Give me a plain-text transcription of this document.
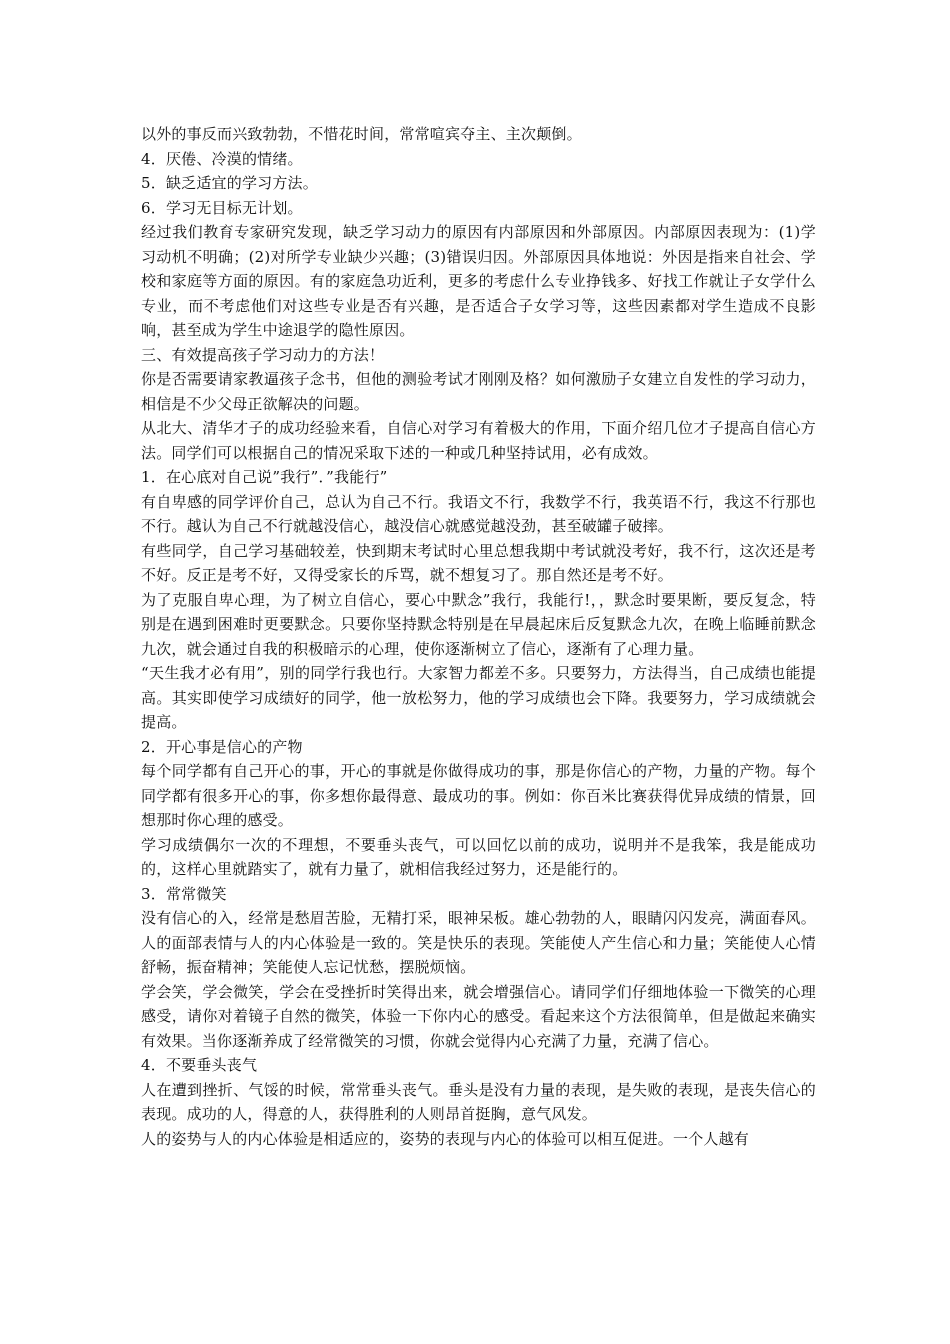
以外的事反而兴致勃勃，不惜花时间，常常喧宾夺主、主次颠倒。

4．厌倦、冷漠的情绪。

5．缺乏适宜的学习方法。

6．学习无目标无计划。

经过我们教育专家研究发现，缺乏学习动力的原因有内部原因和外部原因。内部原因表现为：(1)学习动机不明确；(2)对所学专业缺少兴趣；(3)错误归因。外部原因具体地说：外因是指来自社会、学校和家庭等方面的原因。有的家庭急功近利，更多的考虑什么专业挣钱多、好找工作就让子女学什么专业，而不考虑他们对这些专业是否有兴趣，是否适合子女学习等，这些因素都对学生造成不良影响，甚至成为学生中途退学的隐性原因。

三、有效提高孩子学习动力的方法！

你是否需要请家教逼孩子念书，但他的测验考试才刚刚及格？如何激励子女建立自发性的学习动力，相信是不少父母正欲解决的问题。

从北大、清华才子的成功经验来看，自信心对学习有着极大的作用，下面介绍几位才子提高自信心方法。同学们可以根据自己的情况采取下述的一种或几种坚持试用，必有成效。

1．在心底对自己说”我行”．”我能行”

有自卑感的同学评价自己，总认为自己不行。我语文不行，我数学不行，我英语不行，我这不行那也不行。越认为自己不行就越没信心，越没信心就感觉越没劲，甚至破罐子破摔。

有些同学，自己学习基础较差，快到期末考试时心里总想我期中考试就没考好，我不行，这次还是考不好。反正是考不好，又得受家长的斥骂，就不想复习了。那自然还是考不好。

为了克服自卑心理，为了树立自信心，要心中默念”我行，我能行!，，默念时要果断，要反复念，特别是在遇到困难时更要默念。只要你坚持默念特别是在早晨起床后反复默念九次，在晚上临睡前默念九次，就会通过自我的积极暗示的心理，使你逐渐树立了信心，逐渐有了心理力量。

“天生我才必有用”，别的同学行我也行。大家智力都差不多。只要努力，方法得当，自己成绩也能提高。其实即使学习成绩好的同学，他一放松努力，他的学习成绩也会下降。我要努力，学习成绩就会提高。

2．开心事是信心的产物

每个同学都有自己开心的事，开心的事就是你做得成功的事，那是你信心的产物，力量的产物。每个同学都有很多开心的事，你多想你最得意、最成功的事。例如：你百米比赛获得优异成绩的情景，回想那时你心理的感受。

学习成绩偶尔一次的不理想，不要垂头丧气，可以回忆以前的成功，说明并不是我笨，我是能成功的，这样心里就踏实了，就有力量了，就相信我经过努力，还是能行的。

3．常常微笑

没有信心的入，经常是愁眉苦脸，无精打采，眼神呆板。雄心勃勃的人，眼睛闪闪发亮，满面春风。人的面部表情与人的内心体验是一致的。笑是快乐的表现。笑能使人产生信心和力量；笑能使人心情舒畅，振奋精神；笑能使人忘记忧愁，摆脱烦恼。

学会笑，学会微笑，学会在受挫折时笑得出来，就会增强信心。请同学们仔细地体验一下微笑的心理感受，请你对着镜子自然的微笑，体验一下你内心的感受。看起来这个方法很简单，但是做起来确实有效果。当你逐渐养成了经常微笑的习惯，你就会觉得内心充满了力量，充满了信心。

4．不要垂头丧气

人在遭到挫折、气馁的时候，常常垂头丧气。垂头是没有力量的表现，是失败的表现，是丧失信心的表现。成功的人，得意的人，获得胜利的人则昂首挺胸，意气风发。

人的姿势与人的内心体验是相适应的，姿势的表现与内心的体验可以相互促进。一个人越有
